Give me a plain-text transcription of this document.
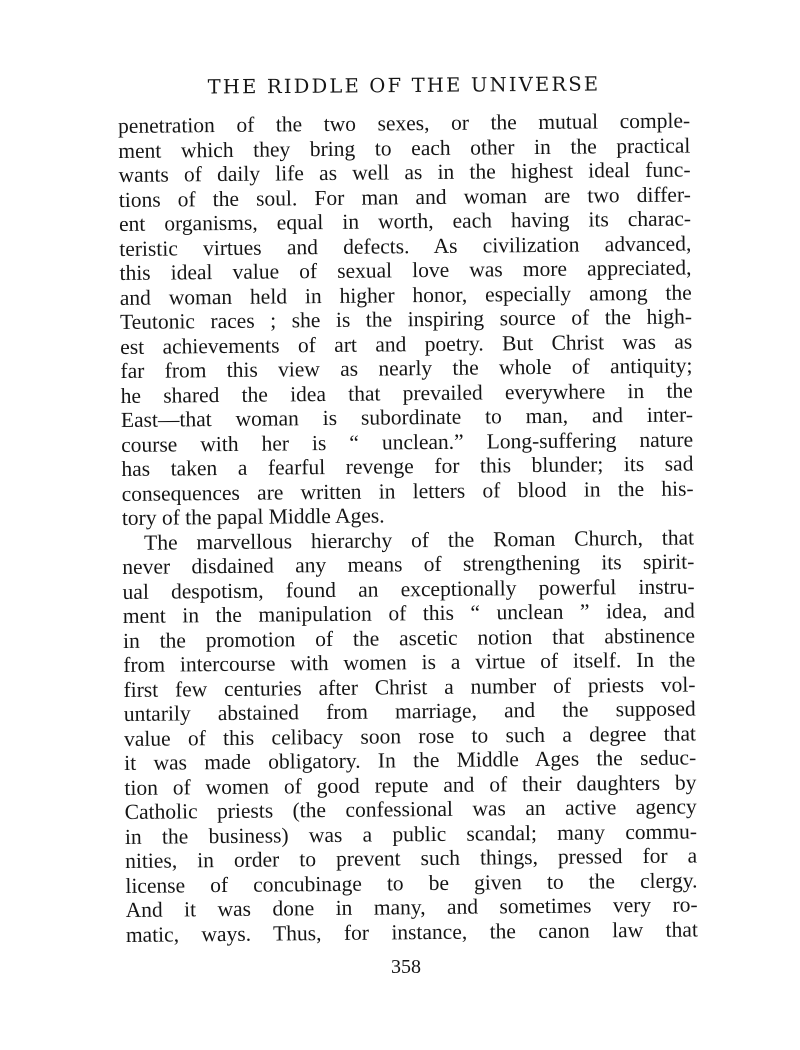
THE RIDDLE OF THE UNIVERSE
penetration of the two sexes, or the mutual comple-
ment which they bring to each other in the practical
wants of daily life as well as in the highest ideal func-
tions of the soul. For man and woman are two differ-
ent organisms, equal in worth, each having its charac-
teristic virtues and defects. As civilization advanced,
this ideal value of sexual love was more appreciated,
and woman held in higher honor, especially among the
Teutonic races ; she is the inspiring source of the high-
est achievements of art and poetry. But Christ was as
far from this view as nearly the whole of antiquity;
he shared the idea that prevailed everywhere in the
East—that woman is subordinate to man, and inter-
course with her is “ unclean.” Long-suffering nature
has taken a fearful revenge for this blunder; its sad
consequences are written in letters of blood in the his-
tory of the papal Middle Ages.
The marvellous hierarchy of the Roman Church, that
never disdained any means of strengthening its spirit-
ual despotism, found an exceptionally powerful instru-
ment in the manipulation of this “ unclean ” idea, and
in the promotion of the ascetic notion that abstinence
from intercourse with women is a virtue of itself. In the
first few centuries after Christ a number of priests vol-
untarily abstained from marriage, and the supposed
value of this celibacy soon rose to such a degree that
it was made obligatory. In the Middle Ages the seduc-
tion of women of good repute and of their daughters by
Catholic priests (the confessional was an active agency
in the business) was a public scandal; many commu-
nities, in order to prevent such things, pressed for a
license of concubinage to be given to the clergy.
And it was done in many, and sometimes very ro-
matic, ways. Thus, for instance, the canon law that
358
